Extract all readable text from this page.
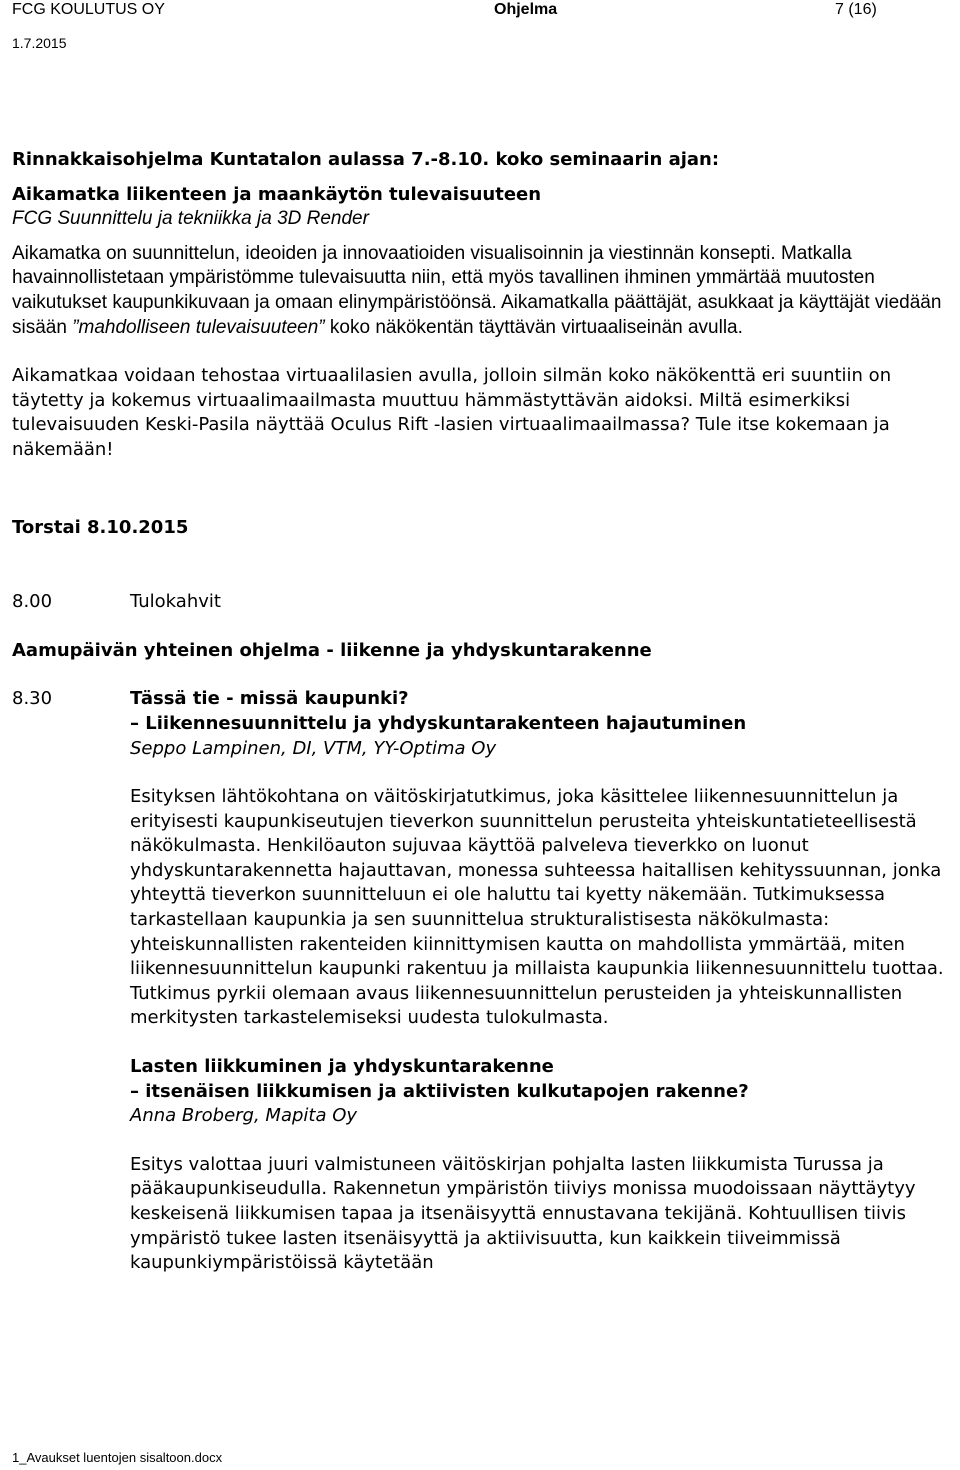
FCG KOULUTUS OY	Ohjelma	7 (16)
1.7.2015

Rinnakkaisohjelma Kuntatalon aulassa 7.-8.10. koko seminaarin ajan:

Aikamatka liikenteen ja maankäytön tulevaisuuteen

FCG Suunnittelu ja tekniikka ja 3D Render

Aikamatka on suunnittelun, ideoiden ja innovaatioiden visualisoinnin ja viestinnän konsepti. Matkalla havainnollistetaan ympäristömme tulevaisuutta niin, että myös tavallinen ihminen ymmärtää muutosten vaikutukset kaupunkikuvaan ja omaan elinympäristöönsä. Aikamatkalla päättäjät, asukkaat ja käyttäjät viedään sisään ”mahdolliseen tulevaisuuteen” koko näkökentän täyttävän virtuaaliseinän avulla.

Aikamatkaa voidaan tehostaa virtuaalilasien avulla, jolloin silmän koko näkökenttä eri suuntiin on täytetty ja kokemus virtuaalimaailmasta muuttuu hämmästyttävän aidoksi. Miltä esimerkiksi tulevaisuuden Keski-Pasila näyttää Oculus Rift -lasien virtuaalimaailmassa? Tule itse kokemaan ja näkemään!

Torstai 8.10.2015

8.00	Tulokahvit

Aamupäivän yhteinen ohjelma - liikenne ja yhdyskuntarakenne

8.30	Tässä tie - missä kaupunki?

– Liikennesuunnittelu ja yhdyskuntarakenteen hajautuminen

Seppo Lampinen, DI, VTM, YY-Optima Oy

Esityksen lähtökohtana on väitöskirjatutkimus, joka käsittelee liikennesuunnittelun ja erityisesti kaupunkiseutujen tieverkon suunnittelun perusteita yhteiskuntatieteellisestä näkökulmasta. Henkilöauton sujuvaa käyttöä palveleva tieverkko on luonut yhdyskuntarakennetta hajauttavan, monessa suhteessa haitallisen kehityssuunnan, jonka yhteyttä tieverkon suunnitteluun ei ole haluttu tai kyetty näkemään. Tutkimuksessa tarkastellaan kaupunkia ja sen suunnittelua strukturalistisesta näkökulmasta: yhteiskunnallisten rakenteiden kiinnittymisen kautta on mahdollista ymmärtää, miten liikennesuunnittelun kaupunki rakentuu ja millaista kaupunkia liikennesuunnittelu tuottaa. Tutkimus pyrkii olemaan avaus liikennesuunnittelun perusteiden ja yhteiskunnallisten merkitysten tarkastelemiseksi uudesta tulokulmasta.

Lasten liikkuminen ja yhdyskuntarakenne

– itsenäisen liikkumisen ja aktiivisten kulkutapojen rakenne?

Anna Broberg, Mapita Oy

Esitys valottaa juuri valmistuneen väitöskirjan pohjalta lasten liikkumista Turussa ja pääkaupunkiseudulla. Rakennetun ympäristön tiiviys monissa muodoissaan näyttäytyy keskeisenä liikkumisen tapaa ja itsenäisyyttä ennustavana tekijänä. Kohtuullisen tiivis ympäristö tukee lasten itsenäisyyttä ja aktiivisuutta, kun kaikkein tiiveimmissä kaupunkiympäristöissä käytetään

1_Avaukset luentojen sisaltoon.docx
